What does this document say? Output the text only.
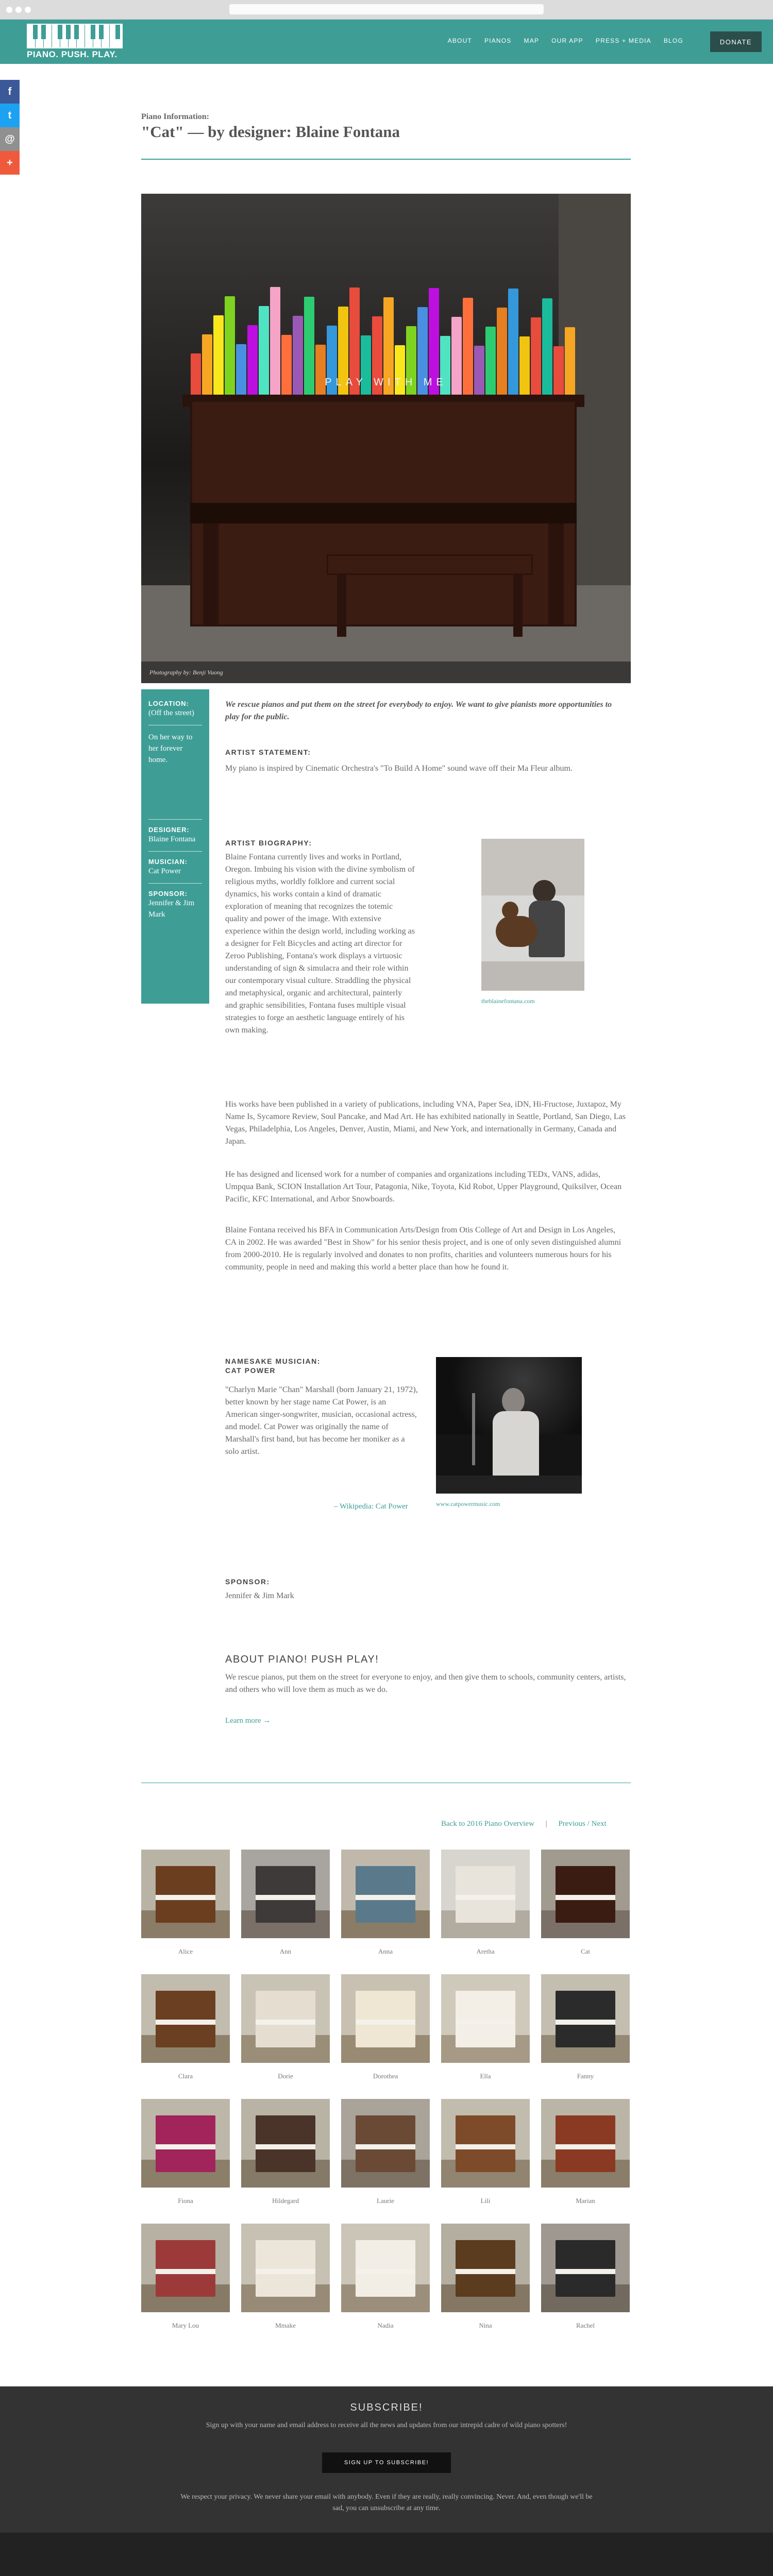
PIANO. PUSH. PLAY.
ABOUT PIANOS MAP OUR APP PRESS + MEDIA BLOG	DONATE
f
t
@
+
Piano Information:
"Cat" — by designer: Blaine Fontana
PLAY WITH ME
Photography by: Benji Vuong
LOCATION:
(Off the street)
On her way to her forever home.
DESIGNER:
Blaine Fontana
MUSICIAN:
Cat Power
SPONSOR:
Jennifer & Jim Mark

We rescue pianos and put them on the street for everybody to enjoy. We want to give pianists more opportunities to play for the public.

ARTIST STATEMENT:

My piano is inspired by Cinematic Orchestra's "To Build A Home" sound wave off their Ma Fleur album.

ARTIST BIOGRAPHY:

Blaine Fontana currently lives and works in Portland, Oregon. Imbuing his vision with the divine symbolism of religious myths, worldly folklore and current social dynamics, his works contain a kind of dramatic exploration of meaning that recognizes the totemic quality and power of the image. With extensive experience within the design world, including working as a designer for Felt Bicycles and acting art director for Zeroo Publishing, Fontana's work displays a virtuosic understanding of sign & simulacra and their role within our contemporary visual culture. Straddling the physical and metaphysical, organic and architectural, painterly and graphic sensibilities, Fontana fuses multiple visual strategies to forge an aesthetic language entirely of his own making.

theblainefontana.com

His works have been published in a variety of publications, including VNA, Paper Sea, iDN, Hi-Fructose, Juxtapoz, My Name Is, Sycamore Review, Soul Pancake, and Mad Art. He has exhibited nationally in Seattle, Portland, San Diego, Las Vegas, Philadelphia, Los Angeles, Denver, Austin, Miami, and New York, and internationally in Germany, Canada and Japan.

He has designed and licensed work for a number of companies and organizations including TEDx, VANS, adidas, Umpqua Bank, SCION Installation Art Tour, Patagonia, Nike, Toyota, Kid Robot, Upper Playground, Quiksilver, Ocean Pacific, KFC International, and Arbor Snowboards.

Blaine Fontana received his BFA in Communication Arts/Design from Otis College of Art and Design in Los Angeles, CA in 2002. He was awarded "Best in Show" for his senior thesis project, and is one of only seven distinguished alumni from 2000-2010. He is regularly involved and donates to non profits, charities and volunteers numerous hours for his community, people in need and making this world a better place than how he found it.

NAMESAKE MUSICIAN:
CAT POWER

"Charlyn Marie "Chan" Marshall (born January 21, 1972), better known by her stage name Cat Power, is an American singer-songwriter, musician, occasional actress, and model. Cat Power was originally the name of Marshall's first band, but has become her moniker as a solo artist.

– Wikipedia: Cat Power	www.catpowermusic.com
SPONSOR:

Jennifer & Jim Mark

ABOUT PIANO! PUSH PLAY!

We rescue pianos, put them on the street for everyone to enjoy, and then give them to schools, community centers, artists, and others who will love them as much as we do.

Learn more →
Back to 2016 Piano Overview | Previous / Next
Alice	Ann	Anna	Aretha	Cat
Clara	Dorie	Dorothea	Ella	Fanny
Fiona	Hildegard	Laurie	Lili	Marian
Mary Lou	Mmake	Nadia	Nina	Rachel
SUBSCRIBE!
Sign up with your name and email address to receive all the news and updates from our intrepid cadre of wild piano spotters!
SIGN UP TO SUBSCRIBE!
We respect your privacy. We never share your email with anybody. Even if they are really, really convincing. Never. And, even though we'll be sad, you can unsubscribe at any time.
